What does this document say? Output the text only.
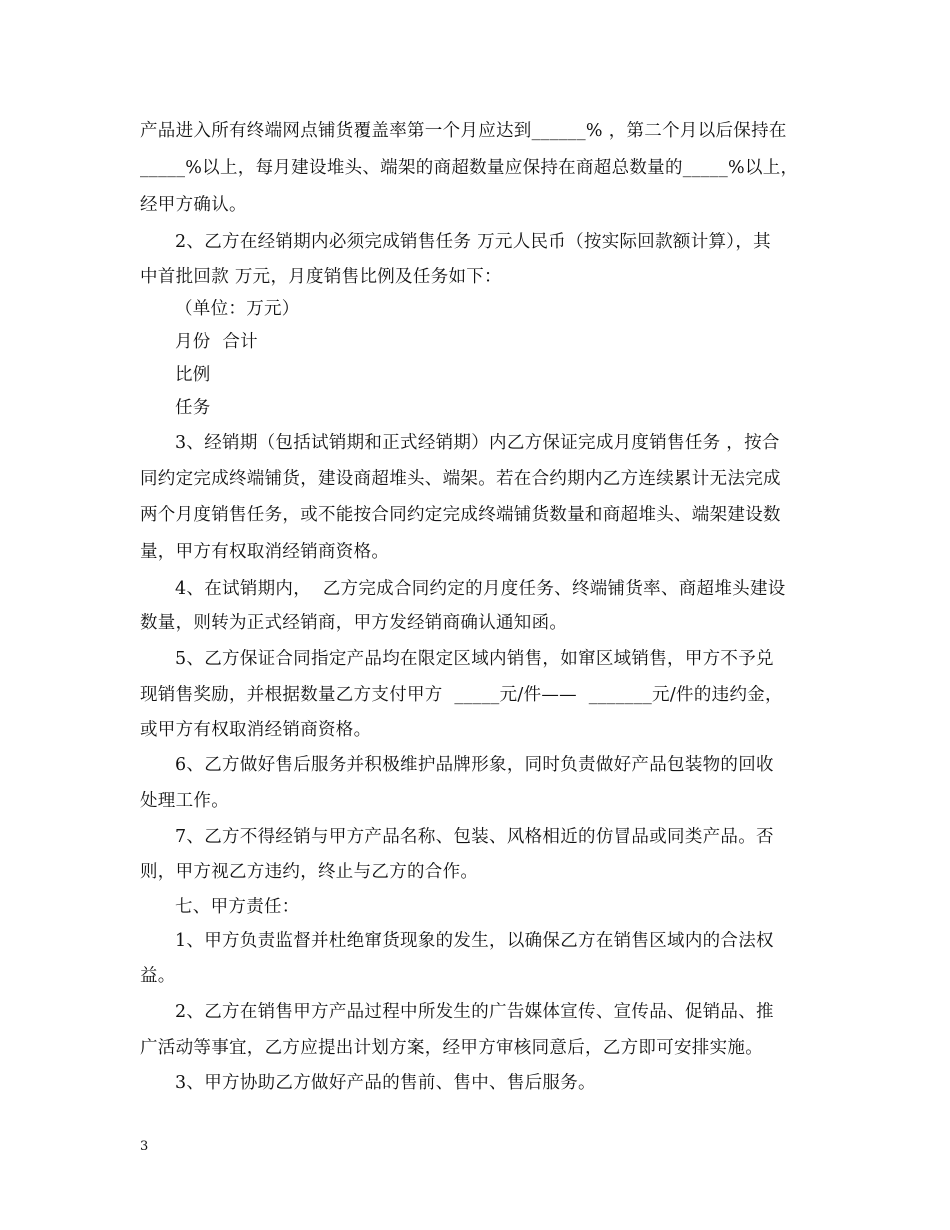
产品进入所有终端网点铺货覆盖率第一个月应达到______% ，第二个月以后保持在
_____%以上，每月建设堆头、端架的商超数量应保持在商超总数量的_____%以上，
经甲方确认。
2、乙方在经销期内必须完成销售任务 万元人民币（按实际回款额计算），其
中首批回款 万元，月度销售比例及任务如下：
（单位：万元）
月份  合计
比例
任务
3、经销期（包括试销期和正式经销期）内乙方保证完成月度销售任务 ，按合
同约定完成终端铺货，建设商超堆头、端架。若在合约期内乙方连续累计无法完成
两个月度销售任务，或不能按合同约定完成终端铺货数量和商超堆头、端架建设数
量，甲方有权取消经销商资格。
4、在试销期内，  乙方完成合同约定的月度任务、终端铺货率、商超堆头建设
数量，则转为正式经销商，甲方发经销商确认通知函。
5、乙方保证合同指定产品均在限定区域内销售，如窜区域销售，甲方不予兑
现销售奖励，并根据数量乙方支付甲方  _____元/件——  _______元/件的违约金，
或甲方有权取消经销商资格。
6、乙方做好售后服务并积极维护品牌形象，同时负责做好产品包装物的回收
处理工作。
7、乙方不得经销与甲方产品名称、包装、风格相近的仿冒品或同类产品。否
则，甲方视乙方违约，终止与乙方的合作。
七、甲方责任：
1、甲方负责监督并杜绝窜货现象的发生，以确保乙方在销售区域内的合法权
益。
2、乙方在销售甲方产品过程中所发生的广告媒体宣传、宣传品、促销品、推
广活动等事宜，乙方应提出计划方案，经甲方审核同意后，乙方即可安排实施。
3、甲方协助乙方做好产品的售前、售中、售后服务。
3
